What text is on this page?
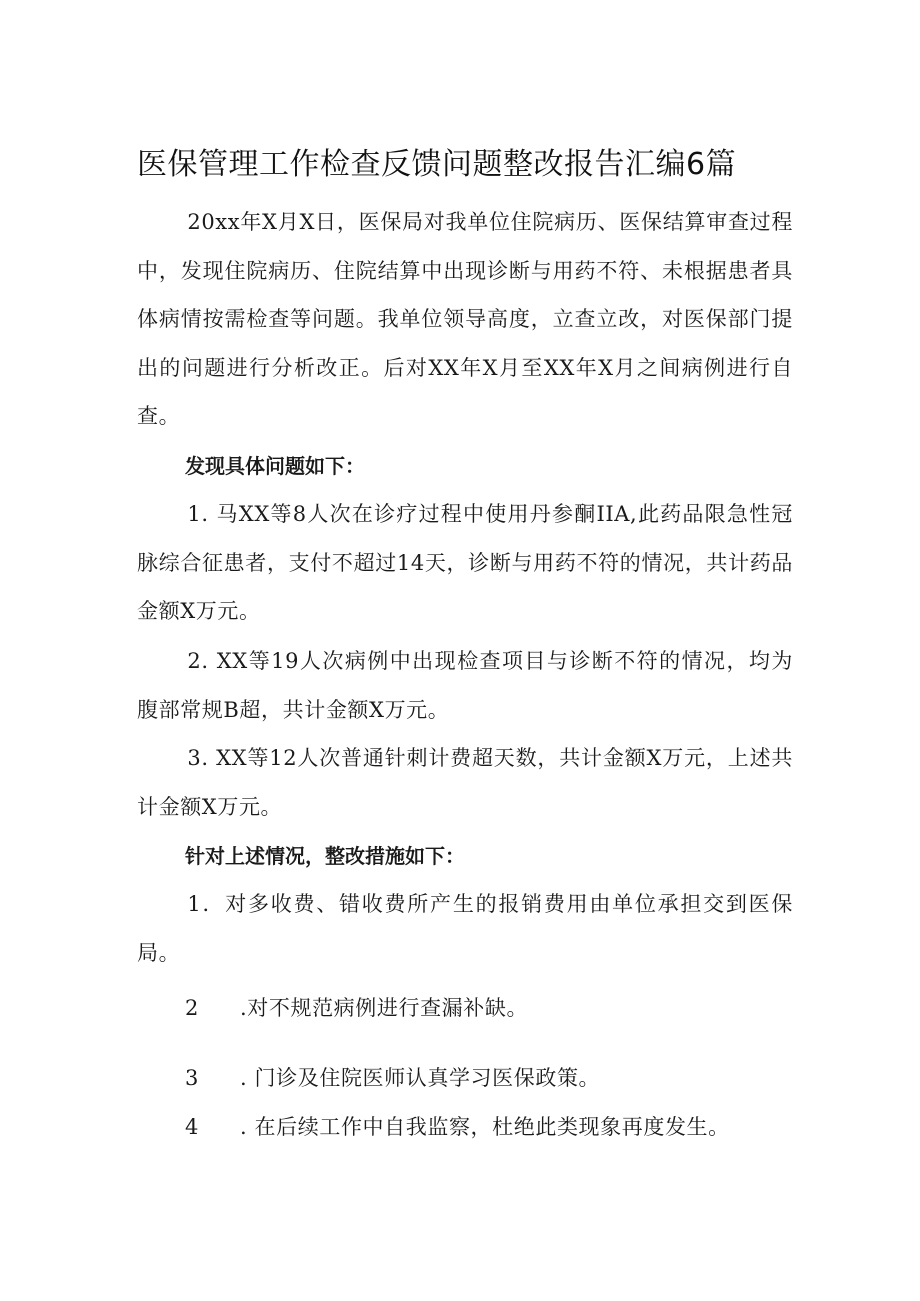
医保管理工作检查反馈问题整改报告汇编6篇

20xx年X月X日，医保局对我单位住院病历、医保结算审查过程中，发现住院病历、住院结算中出现诊断与用药不符、未根据患者具体病情按需检查等问题。我单位领导高度，立查立改，对医保部门提出的问题进行分析改正。后对XX年X月至XX年X月之间病例进行自查。

发现具体问题如下：

1. 马XX等8人次在诊疗过程中使用丹参酮IIA,此药品限急性冠脉综合征患者，支付不超过14天，诊断与用药不符的情况，共计药品金额X万元。

2. XX等19人次病例中出现检查项目与诊断不符的情况，均为腹部常规B超，共计金额X万元。

3. XX等12人次普通针刺计费超天数，共计金额X万元，上述共计金额X万元。

针对上述情况，整改措施如下：

1．对多收费、错收费所产生的报销费用由单位承担交到医保局。

2 .对不规范病例进行查漏补缺。
3 . 门诊及住院医师认真学习医保政策。
4 . 在后续工作中自我监察，杜绝此类现象再度发生。
